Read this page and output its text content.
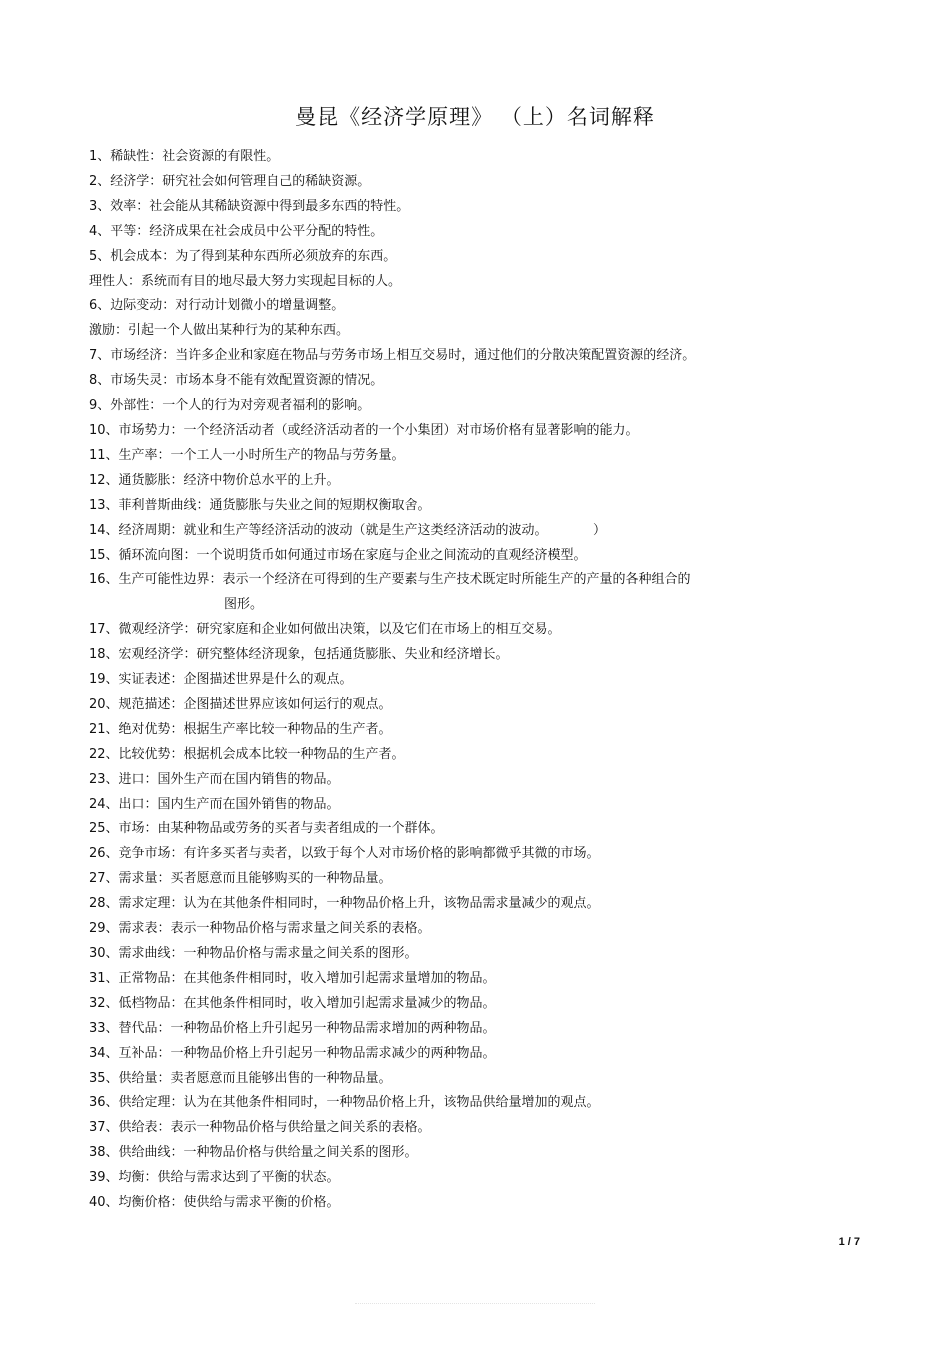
曼昆《经济学原理》 （上）名词解释
1、稀缺性：社会资源的有限性。
2、经济学：研究社会如何管理自己的稀缺资源。
3、效率：社会能从其稀缺资源中得到最多东西的特性。
4、平等：经济成果在社会成员中公平分配的特性。
5、机会成本：为了得到某种东西所必须放弃的东西。
理性人：系统而有目的地尽最大努力实现起目标的人。
6、边际变动：对行动计划微小的增量调整。
激励：引起一个人做出某种行为的某种东西。
7、市场经济：当许多企业和家庭在物品与劳务市场上相互交易时，通过他们的分散决策配置资源的经济。
8、市场失灵：市场本身不能有效配置资源的情况。
9、外部性：一个人的行为对旁观者福利的影响。
10、市场势力：一个经济活动者（或经济活动者的一个小集团）对市场价格有显著影响的能力。
11、生产率：一个工人一小时所生产的物品与劳务量。
12、通货膨胀：经济中物价总水平的上升。
13、菲利普斯曲线：通货膨胀与失业之间的短期权衡取舍。
14、经济周期：就业和生产等经济活动的波动（就是生产这类经济活动的波动。　　　　）
15、循环流向图：一个说明货币如何通过市场在家庭与企业之间流动的直观经济模型。
16、生产可能性边界：表示一个经济在可得到的生产要素与生产技术既定时所能生产的产量的各种组合的
图形。
17、微观经济学：研究家庭和企业如何做出决策，以及它们在市场上的相互交易。
18、宏观经济学：研究整体经济现象，包括通货膨胀、失业和经济增长。
19、实证表述：企图描述世界是什么的观点。
20、规范描述：企图描述世界应该如何运行的观点。
21、绝对优势：根据生产率比较一种物品的生产者。
22、比较优势：根据机会成本比较一种物品的生产者。
23、进口：国外生产而在国内销售的物品。
24、出口：国内生产而在国外销售的物品。
25、市场：由某种物品或劳务的买者与卖者组成的一个群体。
26、竞争市场：有许多买者与卖者，以致于每个人对市场价格的影响都微乎其微的市场。
27、需求量：买者愿意而且能够购买的一种物品量。
28、需求定理：认为在其他条件相同时，一种物品价格上升，该物品需求量减少的观点。
29、需求表：表示一种物品价格与需求量之间关系的表格。
30、需求曲线：一种物品价格与需求量之间关系的图形。
31、正常物品：在其他条件相同时，收入增加引起需求量增加的物品。
32、低档物品：在其他条件相同时，收入增加引起需求量减少的物品。
33、替代品：一种物品价格上升引起另一种物品需求增加的两种物品。
34、互补品：一种物品价格上升引起另一种物品需求减少的两种物品。
35、供给量：卖者愿意而且能够出售的一种物品量。
36、供给定理：认为在其他条件相同时，一种物品价格上升，该物品供给量增加的观点。
37、供给表：表示一种物品价格与供给量之间关系的表格。
38、供给曲线：一种物品价格与供给量之间关系的图形。
39、均衡：供给与需求达到了平衡的状态。
40、均衡价格：使供给与需求平衡的价格。
1 / 7
